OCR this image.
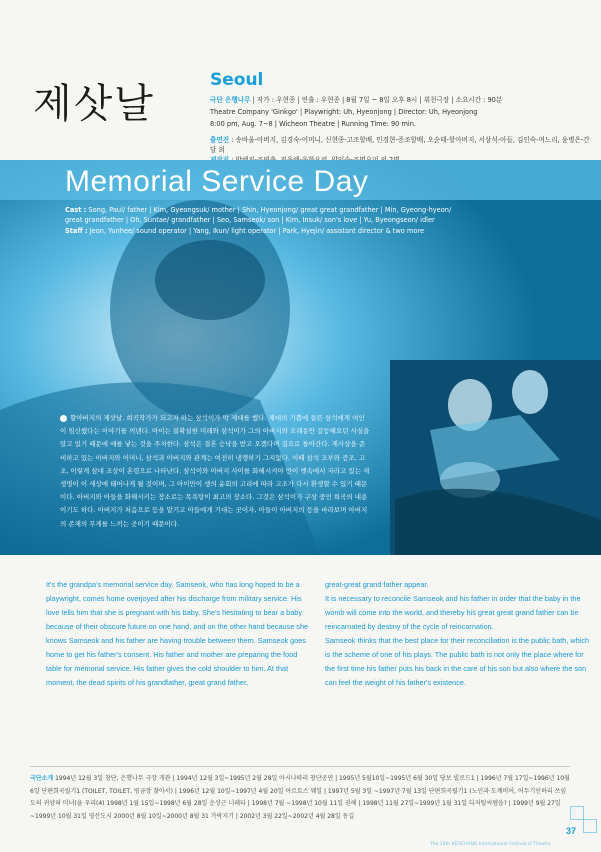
제삿날
Seoul
극단 은행나무 | 작가 : 우현종 | 연출 : 우현종 | 8월 7일 ~ 8일 오후 8시 | 위천극장 | 소요시간 : 90분
Theatre Company 'Ginkgo' | Playwright: Uh, Hyeonjong | Director: Uh, Hyeonjong
8:00 pm, Aug. 7~8 | Wicheon Theatre | Running Time: 90 min.
출연진 : 송바울-아버지, 김경숙-어머니, 신현종-고조할배, 민경현-증조할배, 오순태-할아버지, 서삼석-아들, 김인숙-며느리, 윤병은-간달 외
Memorial Service Day
Cast : Song, Paul/ father | Kim, Gyeongsuk/ mother | Shin, Hyeonjong/ great great grandfather | Min, Gyeong-hyeon/ great grandfather | Oh, Suntae/ grandfather | Seo, Samseok/ son | Kim, Insuk/ son's love | Yu, Byeongseon/ idler
Staff : Jeon, Yunhee/ sound operator | Yang, Ikun/ light operator | Park, Hyejin/ assistant director & two more
할아버지의 제삿날. 희곡작가가 되고자 하는 삼석이가 막 제대를 했다. 제대의 기쁨에 들뜬 삼석에게 여인이 임신했다는 이야기를 꺼낸다. 아이는 불확실한 미래와 삼석이가 그의 아버지와 오래동안 갈등해오던 사실을 알고 있기 때문에 애를 낳는 것을 주저한다. 삼석은 결혼 승낙을 받고 오겠다며 집으로 돌아간다. 제사상을 준비하고 있는 아버지와 어머니, 삼석과 아버지와 관계는 여전히 냉랭하기 그지없다. 이때 삼석 조부와 증조, 고조, 이렇게 삼대 조상이 혼령으로 나타난다. 삼석이와 아버지 사이를 화해시켜야 만이 뱃속에서 자라고 있는 새 생명이 이 세상에 태어나게 될 것이며, 그 아이만이 생의 윤회의 고리에 따라 고조가 다시 환생할 수 있기 때문이다. 아버지와 아들을 화해시키는 장소로는 목욕탕이 최고의 장소다. 그것은 삼석이가 구상 중인 희곡의 내용이기도 하다. 아버지가 처음으로 등을 맡기고 아들에게 기대는 곳이자, 아들이 아버지의 등을 바라보며 아버지의 존재의 무게를 느끼는 곳이기 때문이다.

It's the grandpa's memorial service day. Samseok, who has long hoped to be a playwright, comes home overjoyed after his discharge from military service. His love tells him that she is pregnant with his baby. She's hesitating to bear a baby because of their obscure future on one hand, and on the other hand because she knows Samseok and his father are having trouble between them. Samseok goes home to get his father's consent. His father and mother are preparing the food table for memorial service. His father gives the cold shoulder to him. At that moment, the dead spirits of his grandfather, great grand father,

great-great grand father appear.

It is necessary to reconcile Samseok and his father in order that the baby in the womb will come into the world, and thereby his great great grand father can be reincarnated by destiny of the cycle of reincarnation.

Samseok thinks that the best place for their reconciliation is the public bath, which is the scheme of one of his plays. The public bath is not only the place where for the first time his father puts his back in the care of his son but also where the son can feel the weight of his father's existence.

극단소개 1994년 12월 3일 창단, 은행나무 극장 개관 | 1994년 12월 3일~1995년 2월 28일 아시나따리 창단공연 | 1995년 5월10일~1995년 6월 30일 당보 빌로드1 | 1996년 7월 17일~1996년 10월 6일 단편희곡릴기1 (TOILET, TOILET, 빙금장 찾아서) | 1996년 12월 10일~1997년 4월 20일 아르토스 웨일 | 1997년 5월 3일 ~1997년 7월 13일 단편희곡릴기1 (노인과 도깨비어, 어두기인하리 쓰임도의 귀양혀 미녀)을 우리(4) 1998년 1월 15일~1998년 6월 28일 운상근 너레타 | 1998년 7월 ~1998년 10월 11일 권해 | 1998년 11월 27일~1999년 1월 31일 디저털씨템읍? | 1999년 9월 27일~1999년 10월 31일 영산도시 2000년 8월 10일~2000년 8월 31 가락지기 | 2002년 3월 22일~2002년 4월 28일 동길
37
The 16th KEOCHANG International Festival of Theatre
